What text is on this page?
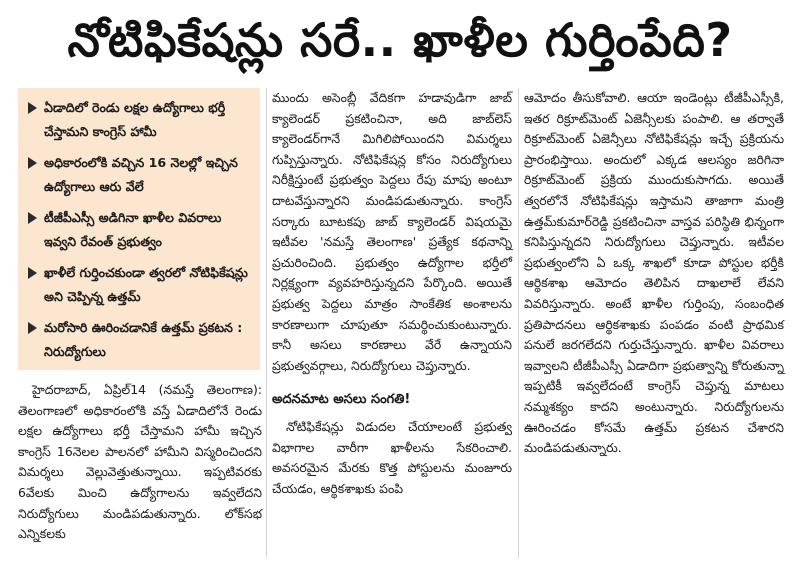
నోటిఫికేషన్లు సరే.. ఖాళీల గుర్తింపేది?
ఏడాదిలో రెండు లక్షల ఉద్యోగాలు భర్తీ చేస్తామని కాంగ్రెస్ హామీ
అధికారంలోకి వచ్చిన 16 నెలల్లో ఇచ్చిన ఉద్యోగాలు ఆరు వేలే
టీజీపీఎస్సీ అడిగినా ఖాళీల వివరాలు ఇవ్వని రేవంత్ ప్రభుత్వం
ఖాళీలే గుర్తించకుండా త్వరలో నోటిఫికేషన్లు అని చెప్పిన్న ఉత్తమ్
మరోసారి ఊరించడానికే ఉత్తమ్ ప్రకటన : నిరుద్యోగులు

హైదరాబాద్, ఏప్రిల్14 (నమస్తే తెలంగాణ): తెలంగాణలో అధికారంలోకి వస్తే ఏడాదిలోనే రెండు లక్షల ఉద్యోగాలు భర్తీ చేస్తామని హామీ ఇచ్చిన కాంగ్రెస్ 16నెలల పాలనలో హామీని విస్మరించిందని విమర్శలు వెల్లువెత్తుతున్నాయి. ఇప్పటివరకు 6వేలకు మించి ఉద్యోగాలను ఇవ్వలేదని నిరుద్యోగులు మండిపడుతున్నారు. లోక్‌సభ ఎన్నికలకు

ముందు అసెంబ్లీ వేదికగా హడావుడిగా జాబ్ క్యాలెండర్ ప్రకటించినా, అది జాబ్‌లెస్ క్యాలెండర్‌గానే మిగిలిపోయిందని విమర్శలు గుప్పిస్తున్నారు. నోటిఫికేషన్ల కోసం నిరుద్యోగులు నిరీక్షిస్తుంటే ప్రభుత్వం పెద్దలు రేపు మాపు అంటూ దాటవేస్తున్నారని మండిపడుతున్నారు. కాంగ్రెస్ సర్కారు బూటకపు జాబ్ క్యాలెండర్ విషయమై ఇటీవల 'నమస్తే తెలంగాణ' ప్రత్యేక కథనాన్ని ప్రచురించింది. ప్రభుత్వం ఉద్యోగాల భర్తీలో నిర్లక్ష్యంగా వ్యవహరిస్తున్నదని పేర్కొంది. అయితే ప్రభుత్వ పెద్దలు మాత్రం సాంకేతిక అంశాలను కారణాలుగా చూపుతూ సమర్థించుకుంటున్నారు. కానీ అసలు కారణాలు వేరే ఉన్నాయని ప్రభుత్వవర్గాలు, నిరుద్యోగులు చెప్తున్నారు.

అదనమాట అసలు సంగతి!

నోటిఫికేషన్లు విడుదల చేయాలంటే ప్రభుత్వ విభాగాల వారీగా ఖాళీలను సేకరించాలి. అవసరమైన మేరకు కొత్త పోస్టులను మంజూరు చేయడం, ఆర్థికశాఖకు పంపి

ఆమోదం తీసుకోవాలి. ఆయా ఇండెంట్లు టీజీపీఎస్సీకి, ఇతర రిక్రూట్‌మెంట్ ఏజెన్సీలకు పంపాలి. ఆ తర్వాతే రిక్రూట్‌మెంట్ ఏజెన్సీలు నోటిఫికేషన్లు ఇచ్చే ప్రక్రియను ప్రారంభిస్తాయి. అందులో ఎక్కడ ఆలస్యం జరిగినా రిక్రూట్‌మెంట్ ప్రక్రియ ముందుకుసాగదు. అయితే త్వరలోనే నోటిఫికేషన్లు ఇస్తామని తాజాగా మంత్రి ఉత్తమ్‌కుమార్‌రెడ్డి ప్రకటించినా వాస్తవ పరిస్థితి భిన్నంగా కనిపిస్తున్నదని నిరుద్యోగులు చెప్తున్నారు. ఇటీవల ప్రభుత్వంలోని ఏ ఒక్క శాఖలో కూడా పోస్టుల భర్తీకి ఆర్థికశాఖ ఆమోదం తెలిపిన దాఖలాలే లేవని వివరిస్తున్నారు. అంటే ఖాళీల గుర్తింపు, సంబంధిత ప్రతిపాదనలు ఆర్థికశాఖకు పంపడం వంటి ప్రాథమిక పనులే జరగలేదని గుర్తుచేస్తున్నారు. ఖాళీల వివరాలు ఇవ్వాలని టీజీపీఎస్సీ ఏడాదిగా ప్రభుత్వాన్ని కోరుతున్నా ఇప్పటికీ ఇవ్వలేదంటే కాంగ్రెస్ చెప్తున్న మాటలు నమ్మశక్యం కాదని అంటున్నారు. నిరుద్యోగులను ఊరించడం కోసమే ఉత్తమ్ ప్రకటన చేశారని మండిపడుతున్నారు.
